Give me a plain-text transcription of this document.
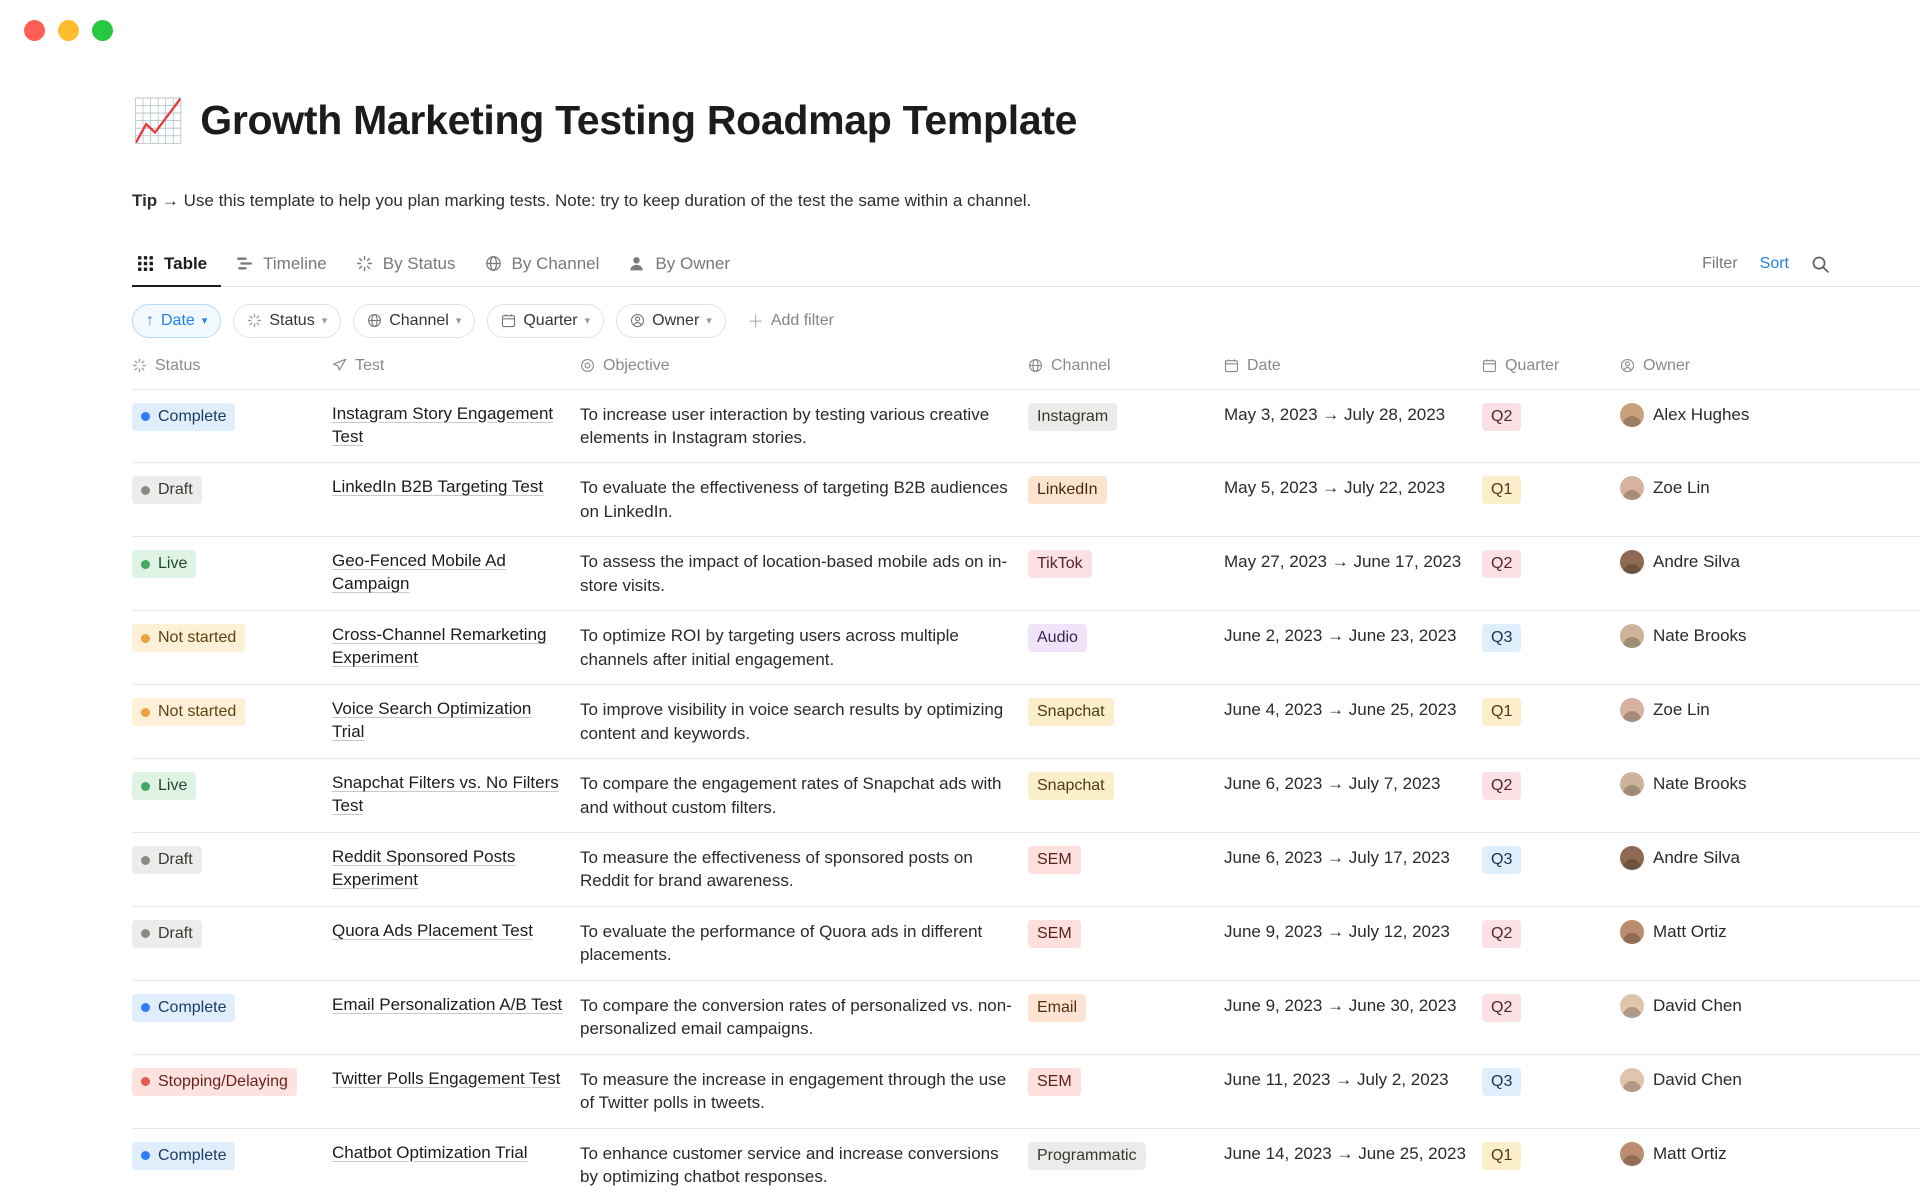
📈 Growth Marketing Testing Roadmap Template
Tip → Use this template to help you plan marking tests. Note: try to keep duration of the test the same within a channel.
Table	Timeline	By Status	By Channel	By Owner	Filter Sort
↑ Date ▾	Status ▾	Channel ▾	Quarter ▾	Owner ▾ ＋ Add filter
Status	Test	Objective	Channel	Date	Quarter	Owner

Complete	Instagram Story Engagement Test	To increase user interaction by testing various creative elements in Instagram stories.	Instagram	May 3, 2023 → July 28, 2023	Q2	Alex Hughes

Draft	LinkedIn B2B Targeting Test	To evaluate the effectiveness of targeting B2B audiences on LinkedIn.	LinkedIn	May 5, 2023 → July 22, 2023	Q1	Zoe Lin

Live	Geo-Fenced Mobile Ad Campaign	To assess the impact of location-based mobile ads on in-store visits.	TikTok	May 27, 2023 → June 17, 2023	Q2	Andre Silva

Not started	Cross-Channel Remarketing Experiment	To optimize ROI by targeting users across multiple channels after initial engagement.	Audio	June 2, 2023 → June 23, 2023	Q3	Nate Brooks

Not started	Voice Search Optimization Trial	To improve visibility in voice search results by optimizing content and keywords.	Snapchat	June 4, 2023 → June 25, 2023	Q1	Zoe Lin

Live	Snapchat Filters vs. No Filters Test	To compare the engagement rates of Snapchat ads with and without custom filters.	Snapchat	June 6, 2023 → July 7, 2023	Q2	Nate Brooks

Draft	Reddit Sponsored Posts Experiment	To measure the effectiveness of sponsored posts on Reddit for brand awareness.	SEM	June 6, 2023 → July 17, 2023	Q3	Andre Silva

Draft	Quora Ads Placement Test	To evaluate the performance of Quora ads in different placements.	SEM	June 9, 2023 → July 12, 2023	Q2	Matt Ortiz

Complete	Email Personalization A/B Test	To compare the conversion rates of personalized vs. non-personalized email campaigns.	Email	June 9, 2023 → June 30, 2023	Q2	David Chen

Stopping/Delaying	Twitter Polls Engagement Test	To measure the increase in engagement through the use of Twitter polls in tweets.	SEM	June 11, 2023 → July 2, 2023	Q3	David Chen

Complete	Chatbot Optimization Trial	To enhance customer service and increase conversions by optimizing chatbot responses.	Programmatic	June 14, 2023 → June 25, 2023	Q1	Matt Ortiz
